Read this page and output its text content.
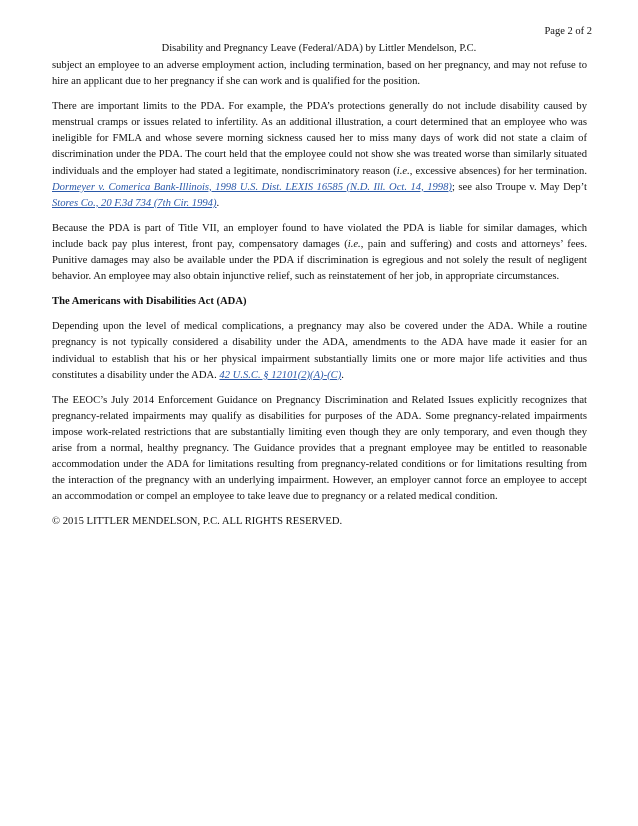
Page 2 of 2
Disability and Pregnancy Leave (Federal/ADA) by Littler Mendelson, P.C.

subject an employee to an adverse employment action, including termination, based on her pregnancy, and may not refuse to hire an applicant due to her pregnancy if she can work and is qualified for the position.

There are important limits to the PDA. For example, the PDA’s protections generally do not include disability caused by menstrual cramps or issues related to infertility. As an additional illustration, a court determined that an employee who was ineligible for FMLA and whose severe morning sickness caused her to miss many days of work did not state a claim of discrimination under the PDA. The court held that the employee could not show she was treated worse than similarly situated individuals and the employer had stated a legitimate, nondiscriminatory reason (i.e., excessive absences) for her termination. Dormeyer v. Comerica Bank-Illinois, 1998 U.S. Dist. LEXIS 16585 (N.D. Ill. Oct. 14, 1998); see also Troupe v. May Dep’t Stores Co., 20 F.3d 734 (7th Cir. 1994).

Because the PDA is part of Title VII, an employer found to have violated the PDA is liable for similar damages, which include back pay plus interest, front pay, compensatory damages (i.e., pain and suffering) and costs and attorneys’ fees. Punitive damages may also be available under the PDA if discrimination is egregious and not solely the result of negligent behavior. An employee may also obtain injunctive relief, such as reinstatement of her job, in appropriate circumstances.

The Americans with Disabilities Act (ADA)

Depending upon the level of medical complications, a pregnancy may also be covered under the ADA. While a routine pregnancy is not typically considered a disability under the ADA, amendments to the ADA have made it easier for an individual to establish that his or her physical impairment substantially limits one or more major life activities and thus constitutes a disability under the ADA. 42 U.S.C. § 12101(2)(A)-(C).

The EEOC’s July 2014 Enforcement Guidance on Pregnancy Discrimination and Related Issues explicitly recognizes that pregnancy-related impairments may qualify as disabilities for purposes of the ADA. Some pregnancy-related impairments impose work-related restrictions that are substantially limiting even though they are only temporary, and even though they arise from a normal, healthy pregnancy. The Guidance provides that a pregnant employee may be entitled to reasonable accommodation under the ADA for limitations resulting from pregnancy-related conditions or for limitations resulting from the interaction of the pregnancy with an underlying impairment. However, an employer cannot force an employee to accept an accommodation or compel an employee to take leave due to pregnancy or a related medical condition.

© 2015 LITTLER MENDELSON, P.C. ALL RIGHTS RESERVED.
